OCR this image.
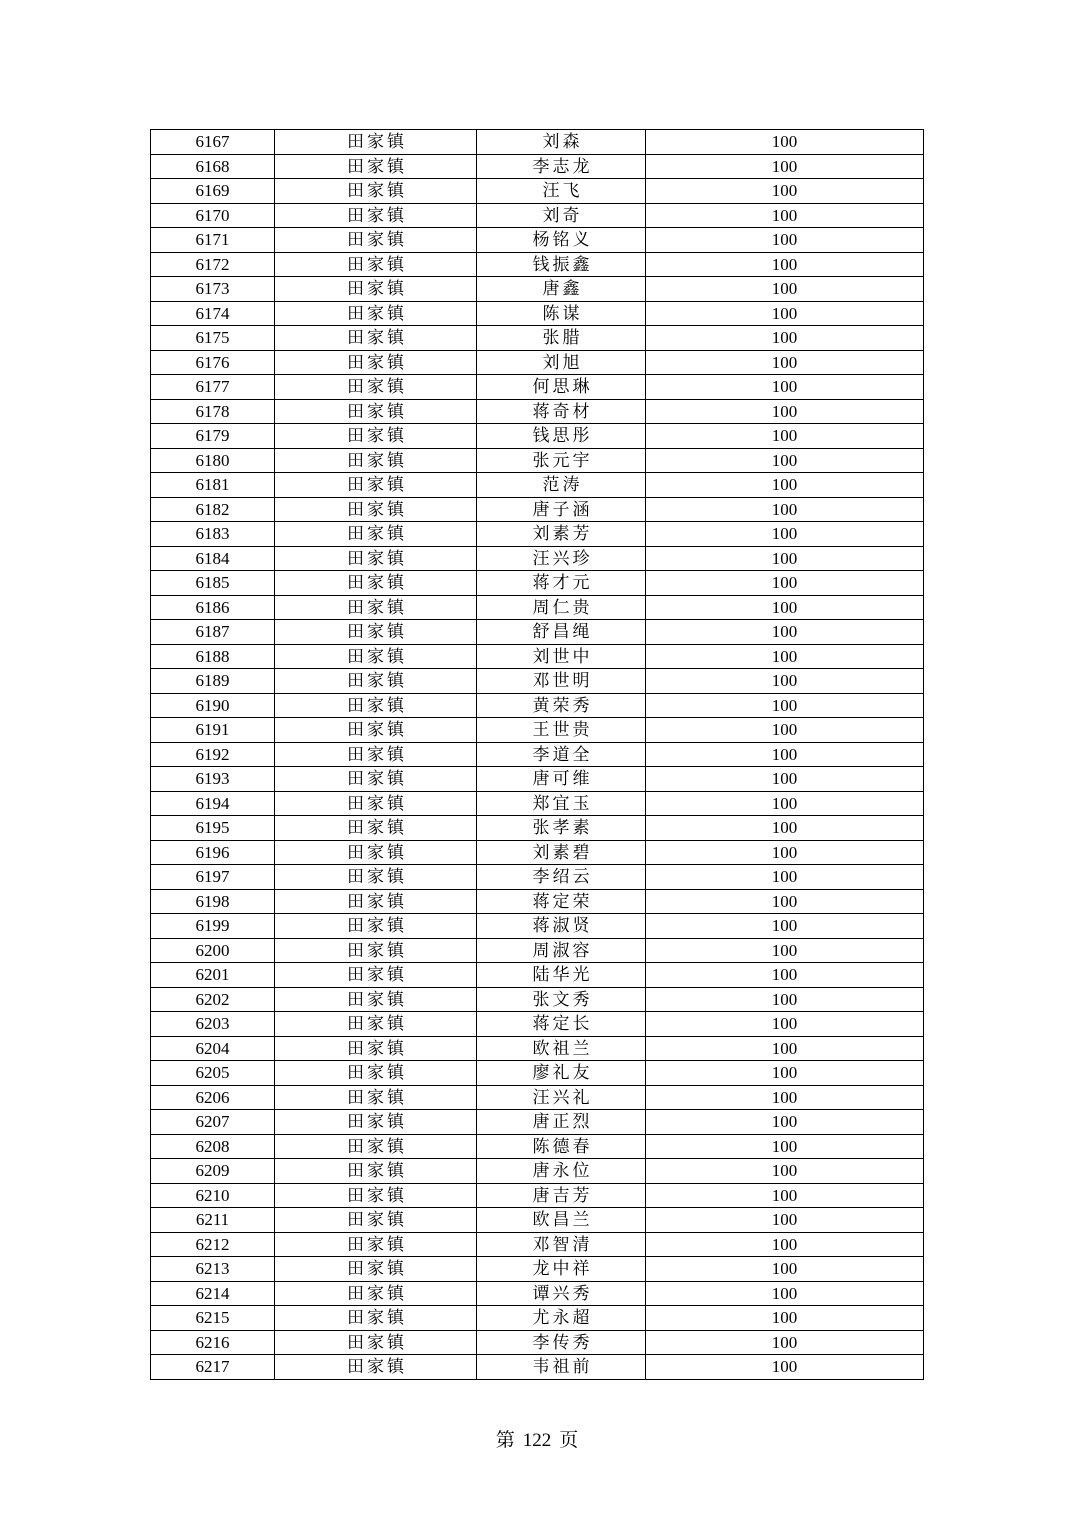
6167	田家镇	刘森	100
6168	田家镇	李志龙	100
6169	田家镇	汪飞	100
6170	田家镇	刘奇	100
6171	田家镇	杨铭义	100
6172	田家镇	钱振鑫	100
6173	田家镇	唐鑫	100
6174	田家镇	陈谋	100
6175	田家镇	张腊	100
6176	田家镇	刘旭	100
6177	田家镇	何思琳	100
6178	田家镇	蒋奇材	100
6179	田家镇	钱思彤	100
6180	田家镇	张元宇	100
6181	田家镇	范涛	100
6182	田家镇	唐子涵	100
6183	田家镇	刘素芳	100
6184	田家镇	汪兴珍	100
6185	田家镇	蒋才元	100
6186	田家镇	周仁贵	100
6187	田家镇	舒昌绳	100
6188	田家镇	刘世中	100
6189	田家镇	邓世明	100
6190	田家镇	黄荣秀	100
6191	田家镇	王世贵	100
6192	田家镇	李道全	100
6193	田家镇	唐可维	100
6194	田家镇	郑宜玉	100
6195	田家镇	张孝素	100
6196	田家镇	刘素碧	100
6197	田家镇	李绍云	100
6198	田家镇	蒋定荣	100
6199	田家镇	蒋淑贤	100
6200	田家镇	周淑容	100
6201	田家镇	陆华光	100
6202	田家镇	张文秀	100
6203	田家镇	蒋定长	100
6204	田家镇	欧祖兰	100
6205	田家镇	廖礼友	100
6206	田家镇	汪兴礼	100
6207	田家镇	唐正烈	100
6208	田家镇	陈德春	100
6209	田家镇	唐永位	100
6210	田家镇	唐吉芳	100
6211	田家镇	欧昌兰	100
6212	田家镇	邓智清	100
6213	田家镇	龙中祥	100
6214	田家镇	谭兴秀	100
6215	田家镇	尤永超	100
6216	田家镇	李传秀	100
6217	田家镇	韦祖前	100
第 122 页
